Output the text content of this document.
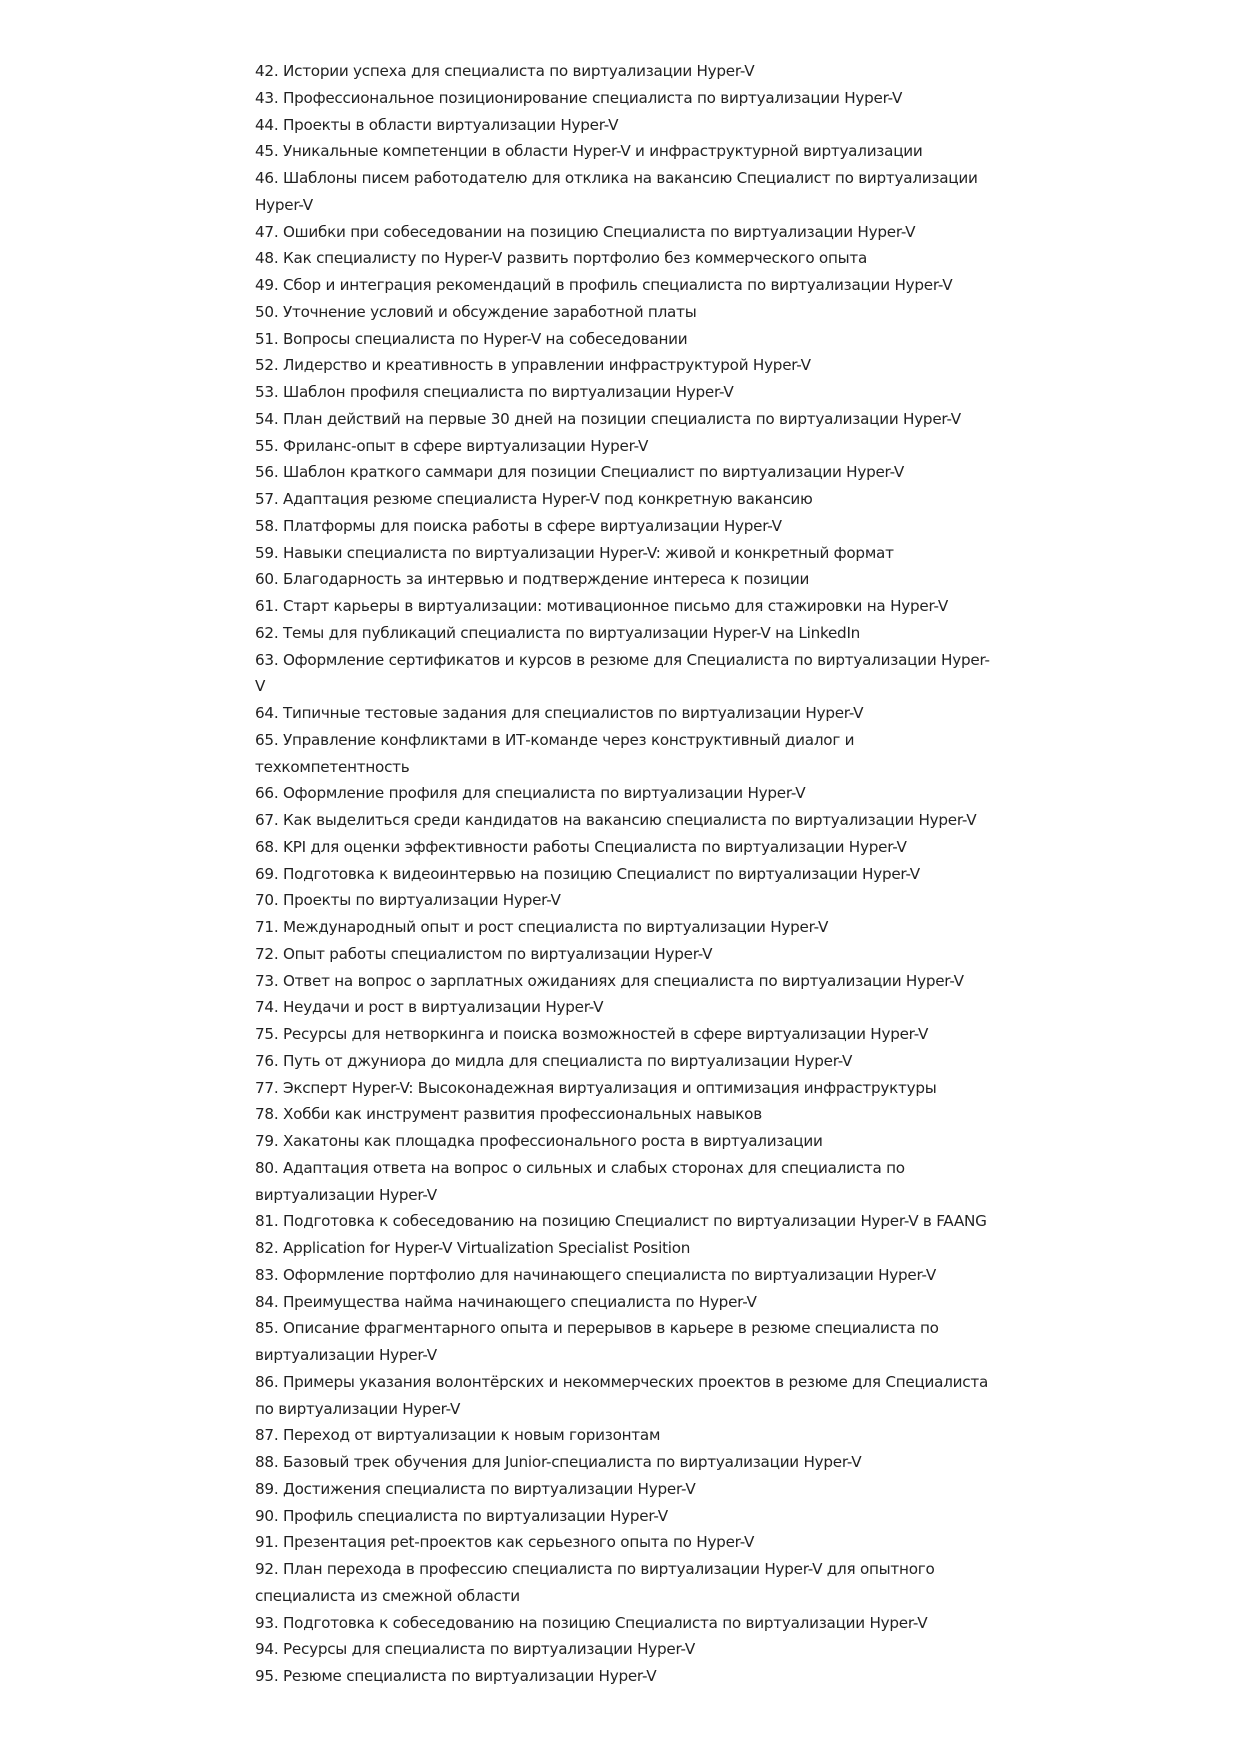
42. Истории успеха для специалиста по виртуализации Hyper-V
43. Профессиональное позиционирование специалиста по виртуализации Hyper-V
44. Проекты в области виртуализации Hyper-V
45. Уникальные компетенции в области Hyper-V и инфраструктурной виртуализации
46. Шаблоны писем работодателю для отклика на вакансию Специалист по виртуализации Hyper-V
47. Ошибки при собеседовании на позицию Специалиста по виртуализации Hyper-V
48. Как специалисту по Hyper-V развить портфолио без коммерческого опыта
49. Сбор и интеграция рекомендаций в профиль специалиста по виртуализации Hyper-V
50. Уточнение условий и обсуждение заработной платы
51. Вопросы специалиста по Hyper-V на собеседовании
52. Лидерство и креативность в управлении инфраструктурой Hyper-V
53. Шаблон профиля специалиста по виртуализации Hyper-V
54. План действий на первые 30 дней на позиции специалиста по виртуализации Hyper-V
55. Фриланс-опыт в сфере виртуализации Hyper-V
56. Шаблон краткого саммари для позиции Специалист по виртуализации Hyper-V
57. Адаптация резюме специалиста Hyper-V под конкретную вакансию
58. Платформы для поиска работы в сфере виртуализации Hyper-V
59. Навыки специалиста по виртуализации Hyper-V: живой и конкретный формат
60. Благодарность за интервью и подтверждение интереса к позиции
61. Старт карьеры в виртуализации: мотивационное письмо для стажировки на Hyper-V
62. Темы для публикаций специалиста по виртуализации Hyper-V на LinkedIn
63. Оформление сертификатов и курсов в резюме для Специалиста по виртуализации Hyper-V
64. Типичные тестовые задания для специалистов по виртуализации Hyper-V
65. Управление конфликтами в ИТ-команде через конструктивный диалог и техкомпетентность
66. Оформление профиля для специалиста по виртуализации Hyper-V
67. Как выделиться среди кандидатов на вакансию специалиста по виртуализации Hyper-V
68. KPI для оценки эффективности работы Специалиста по виртуализации Hyper-V
69. Подготовка к видеоинтервью на позицию Специалист по виртуализации Hyper-V
70. Проекты по виртуализации Hyper-V
71. Международный опыт и рост специалиста по виртуализации Hyper-V
72. Опыт работы специалистом по виртуализации Hyper-V
73. Ответ на вопрос о зарплатных ожиданиях для специалиста по виртуализации Hyper-V
74. Неудачи и рост в виртуализации Hyper-V
75. Ресурсы для нетворкинга и поиска возможностей в сфере виртуализации Hyper-V
76. Путь от джуниора до мидла для специалиста по виртуализации Hyper-V
77. Эксперт Hyper-V: Высоконадежная виртуализация и оптимизация инфраструктуры
78. Хобби как инструмент развития профессиональных навыков
79. Хакатоны как площадка профессионального роста в виртуализации
80. Адаптация ответа на вопрос о сильных и слабых сторонах для специалиста по виртуализации Hyper-V
81. Подготовка к собеседованию на позицию Специалист по виртуализации Hyper-V в FAANG
82. Application for Hyper-V Virtualization Specialist Position
83. Оформление портфолио для начинающего специалиста по виртуализации Hyper-V
84. Преимущества найма начинающего специалиста по Hyper-V
85. Описание фрагментарного опыта и перерывов в карьере в резюме специалиста по виртуализации Hyper-V
86. Примеры указания волонтёрских и некоммерческих проектов в резюме для Специалиста по виртуализации Hyper-V
87. Переход от виртуализации к новым горизонтам
88. Базовый трек обучения для Junior-специалиста по виртуализации Hyper-V
89. Достижения специалиста по виртуализации Hyper-V
90. Профиль специалиста по виртуализации Hyper-V
91. Презентация pet-проектов как серьезного опыта по Hyper-V
92. План перехода в профессию специалиста по виртуализации Hyper-V для опытного специалиста из смежной области
93. Подготовка к собеседованию на позицию Специалиста по виртуализации Hyper-V
94. Ресурсы для специалиста по виртуализации Hyper-V
95. Резюме специалиста по виртуализации Hyper-V
